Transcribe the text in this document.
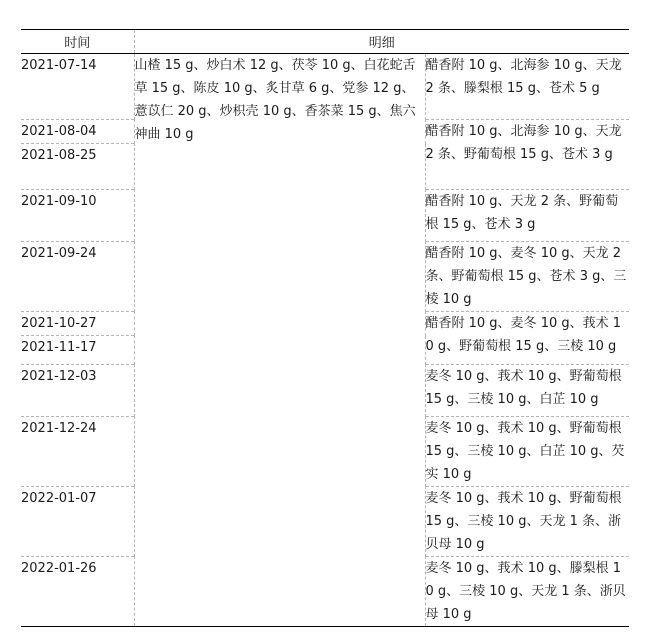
时间	明细	
2021-07-14	山楂 15 g、炒白术 12 g、茯苓 10 g、白花蛇舌草 15 g、陈皮 10 g、炙甘草 6 g、党参 12 g、薏苡仁 20 g、炒枳壳 10 g、香茶菜 15 g、焦六神曲 10 g	醋香附 10 g、北海参 10 g、天龙 2 条、滕梨根 15 g、苍术 5 g
2021-08-04		醋香附 10 g、北海参 10 g、天龙 2 条、野葡萄根 15 g、苍术 3 g
2021-08-25		
2021-09-10		醋香附 10 g、天龙 2 条、野葡萄根 15 g、苍术 3 g
2021-09-24		醋香附 10 g、麦冬 10 g、天龙 2 条、野葡萄根 15 g、苍术 3 g、三棱 10 g
2021-10-27		醋香附 10 g、麦冬 10 g、莪术 10 g、野葡萄根 15 g、三棱 10 g
2021-11-17		
2021-12-03		麦冬 10 g、莪术 10 g、野葡萄根 15 g、三棱 10 g、白芷 10 g
2021-12-24		麦冬 10 g、莪术 10 g、野葡萄根 15 g、三棱 10 g、白芷 10 g、芡实 10 g
2022-01-07		麦冬 10 g、莪术 10 g、野葡萄根 15 g、三棱 10 g、天龙 1 条、浙贝母 10 g
2022-01-26		麦冬 10 g、莪术 10 g、滕梨根 10 g、三棱 10 g、天龙 1 条、浙贝母 10 g
